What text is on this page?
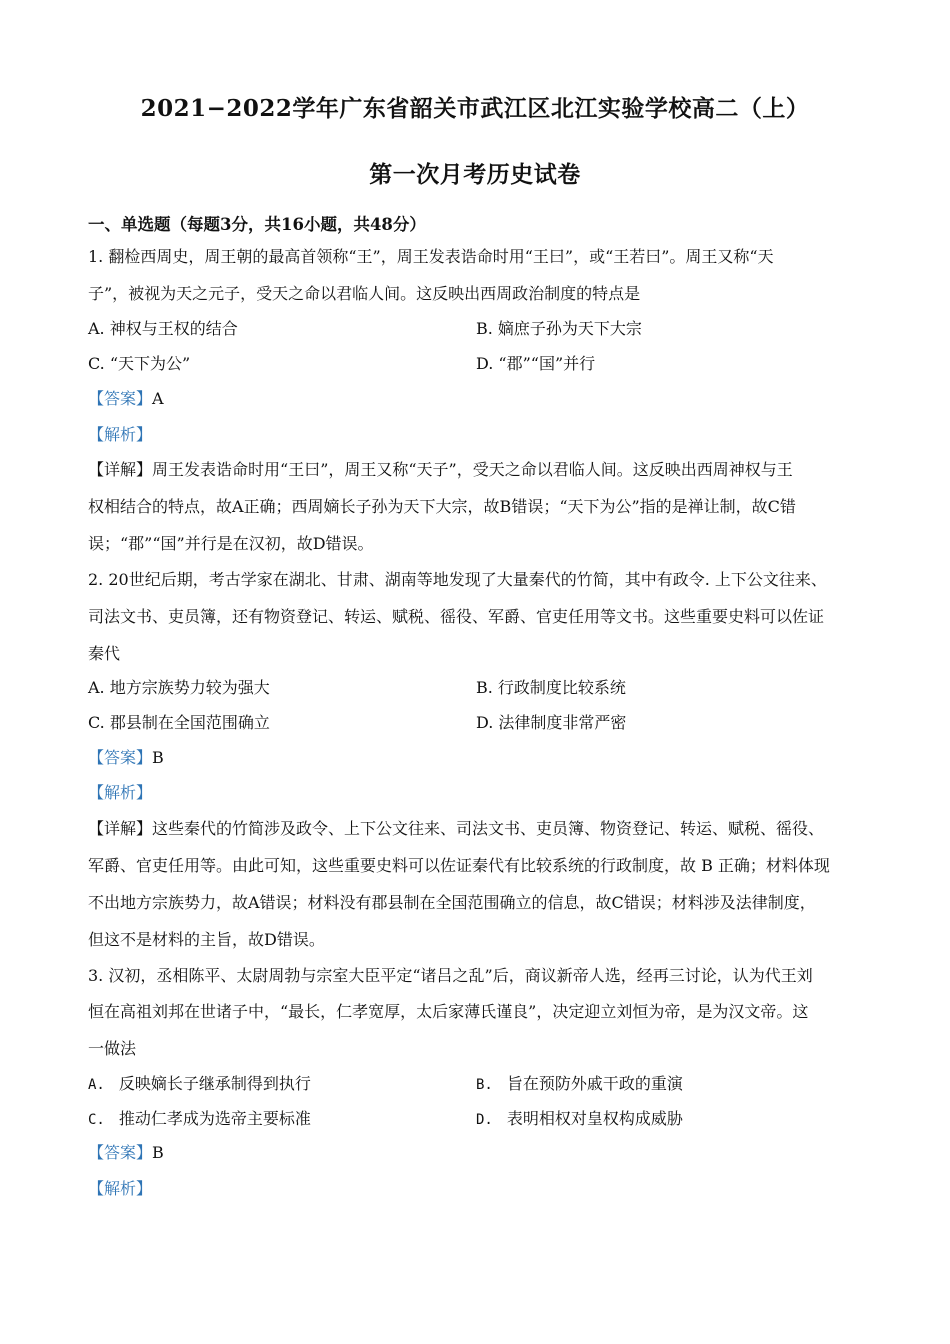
2021−2022学年广东省韶关市武江区北江实验学校高二（上）
第一次月考历史试卷
一、单选题（每题3分，共16小题，共48分）
1. 翻检西周史，周王朝的最高首领称“王”，周王发表诰命时用“王曰”，或“王若曰”。周王又称“天
子”，被视为天之元子，受天之命以君临人间。这反映出西周政治制度的特点是
A. 神权与王权的结合	B. 嫡庶子孙为天下大宗
C. “天下为公”	D. “郡”“国”并行
【答案】A
【解析】
【详解】周王发表诰命时用“王曰”，周王又称“天子”，受天之命以君临人间。这反映出西周神权与王
权相结合的特点，故A正确；西周嫡长子孙为天下大宗，故B错误；“天下为公”指的是禅让制，故C错
误；“郡”“国”并行是在汉初，故D错误。
2. 20世纪后期，考古学家在湖北、甘肃、湖南等地发现了大量秦代的竹简，其中有政令. 上下公文往来、
司法文书、吏员簿，还有物资登记、转运、赋税、徭役、军爵、官吏任用等文书。这些重要史料可以佐证
秦代
A. 地方宗族势力较为强大	B. 行政制度比较系统
C. 郡县制在全国范围确立	D. 法律制度非常严密
【答案】B
【解析】
【详解】这些秦代的竹简涉及政令、上下公文往来、司法文书、吏员簿、物资登记、转运、赋税、徭役、
军爵、官吏任用等。由此可知，这些重要史料可以佐证秦代有比较系统的行政制度，故 B 正确；材料体现
不出地方宗族势力，故A错误；材料没有郡县制在全国范围确立的信息，故C错误；材料涉及法律制度，
但这不是材料的主旨，故D错误。
3. 汉初，丞相陈平、太尉周勃与宗室大臣平定“诸吕之乱”后，商议新帝人选，经再三讨论，认为代王刘
恒在高祖刘邦在世诸子中，“最长，仁孝宽厚，太后家薄氏谨良”，决定迎立刘恒为帝，是为汉文帝。这
一做法
A. 反映嫡长子继承制得到执行	B. 旨在预防外戚干政的重演
C. 推动仁孝成为选帝主要标准	D. 表明相权对皇权构成威胁
【答案】B
【解析】
